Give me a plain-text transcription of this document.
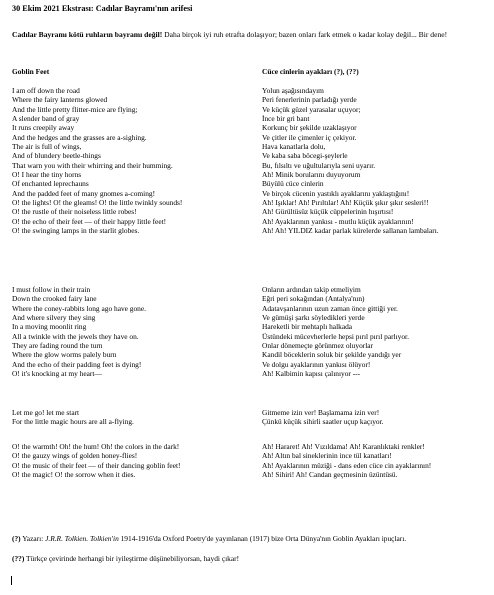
30 Ekim 2021 Ekstrası: Cadılar Bayramı'nın arifesi
Cadılar Bayramı kötü ruhların bayramı değil! Daha birçok iyi ruh etrafta dolaşıyor; bazen onları fark etmek o kadar kolay değil... Bir dene!
Goblin Feet	Cüce cinlerin ayakları (?), (??)
I am off down the road
Where the fairy lanterns glowed
And the little pretty flitter-mice are flying;
A slender band of gray
It runs creepily away
And the hedges and the grasses are a-sighing.
The air is full of wings,
And of blundery beetle-things
That warn you with their whirring and their humming.
O! I hear the tiny horns
Of enchanted leprechauns
And the padded feet of many gnomes a-coming!
O! the lights! O! the gleams! O! the little twinkly sounds!
O! the rustle of their noiseless little robes!
O! the echo of their feet — of their happy little feet!
O! the swinging lamps in the starlit globes.
I must follow in their train
Down the crooked fairy lane
Where the coney-rabbits long ago have gone.
And where silvery they sing
In a moving moonlit ring
All a twinkle with the jewels they have on.
They are fading round the turn
Where the glow worms palely burn
And the echo of their padding feet is dying!
O! it's knocking at my heart—
Let me go! let me start
For the little magic hours are all a-flying.
O! the warmth! Oh! the hum! Oh! the colors in the dark!
O! the gauzy wings of golden honey-flies!
O! the music of their feet — of their dancing goblin feet!
O! the magic! O! the sorrow when it dies.
Yolun aşağısındayım
Peri fenerlerinin parladığı yerde
Ve küçük güzel yarasalar uçuyor;
İnce bir gri bant
Korkunç bir şekilde uzaklaşıyor
Ve çitler ile çimenler iç çekiyor.
Hava kanatlarla dolu,
Ve kaba saba böcegi-şeylerle
Bu, fılsıltı ve uğultularıyla seni uyarır.
Ah! Minik borularını duyuyorum
Büyülü cüce cinlerin
Ve birçok cücenin yastıklı ayaklarını yaklaştığını!
Ah! Işıklar! Ah! Pırıltılar! Ah! Küçük şıkır şıkır sesleri!!
Ah! Gürültüsüz küçük cüppelerinin hışırtısı!
Ah! Ayaklarının yankısı - mutlu küçük ayaklarının!
Ah! Ah! YILDIZ kadar parlak kürelerde sallanan lambaları.
Onların ardından takip etmeliyim
Eğri peri sokağından (Antalya'nın)
Adatavşanlarının uzun zaman önce gittiği yer.
Ve gümüşi şarkı söyledikleri yerde
Hareketli bir mehtaplı halkada
Üstündeki mücevherlerle hepsi pırıl pırıl parlıyor.
Onlar dönemeçte görünmez oluyorlar
Kandil böceklerin soluk bir şekilde yandığı yer
Ve dolgu ayaklarının yankısı ölüyor!
Ah! Kalbimin kapısı çalınıyor ---
Gitmeme izin ver! Başlamama izin ver!
Çünkü küçük sihirli saatler uçup kaçıyor.
Ah! Hararet! Ah! Vızıldama! Ah! Karanlıktaki renkler!
Ah! Altın bal sineklerinin ince tül kanatları!
Ah! Ayaklarının müziği - dans eden cüce cin ayaklarının!
Ah! Sihiri! Ah! Candan geçmesinin üzüntüsü.
(?) Yazarı: J.R.R. Tolkien. Tolkien'in 1914-1916'da Oxford Poetry'de yayınlanan (1917) bize Orta Dünya'nın Goblin Ayakları ipuçları.
(??) Türkçe çevirinde herhangi bir iyileştirme düşünebiliyorsan, haydi çıkar!
